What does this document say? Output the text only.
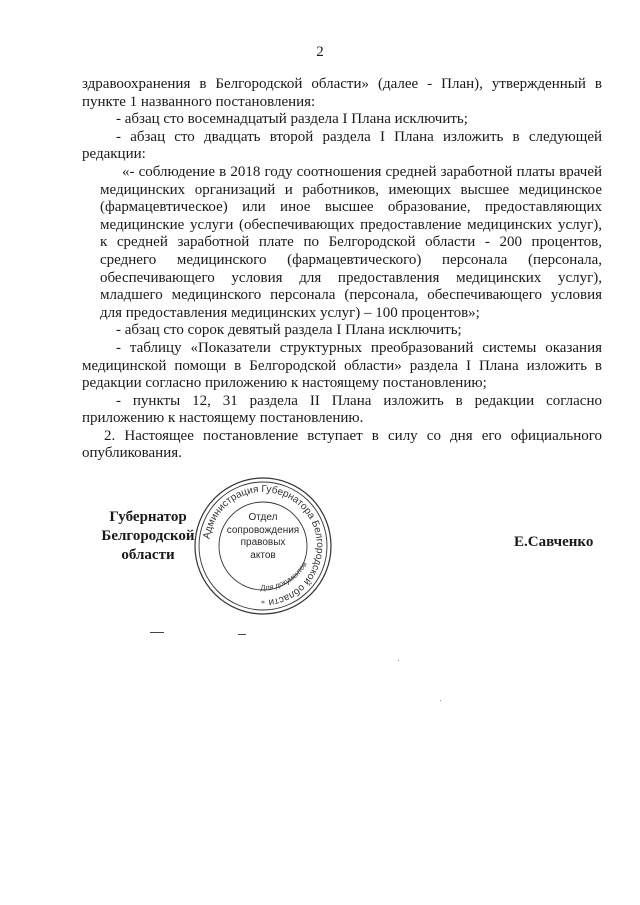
2

здравоохранения в Белгородской области» (далее - План), утвержденный в пункте 1 названного постановления:

- абзац сто восемнадцатый раздела I Плана исключить;

- абзац сто двадцать второй раздела I Плана изложить в следующей редакции:

«- соблюдение в 2018 году соотношения средней заработной платы врачей медицинских организаций и работников, имеющих высшее медицинское (фармацевтическое) или иное высшее образование, предоставляющих медицинские услуги (обеспечивающих предоставление медицинских услуг), к средней заработной плате по Белгородской области - 200 процентов, среднего медицинского (фармацевтического) персонала (персонала, обеспечивающего условия для предоставления медицинских услуг), младшего медицинского персонала (персонала, обеспечивающего условия для предоставления медицинских услуг) – 100 процентов»;

- абзац сто сорок девятый раздела I Плана исключить;

- таблицу «Показатели структурных преобразований системы оказания медицинской помощи в Белгородской области» раздела I Плана изложить в редакции согласно приложению к настоящему постановлению;

- пункты 12, 31 раздела II Плана изложить в редакции согласно приложению к настоящему постановлению.

2. Настоящее постановление вступает в силу со дня его официального опубликования.

Губернатор
Белгородской области
Администрация Губернатора Белгородской области
Для документов
*
Отдел
сопровождения
правовых
актов
Е.Савченко
